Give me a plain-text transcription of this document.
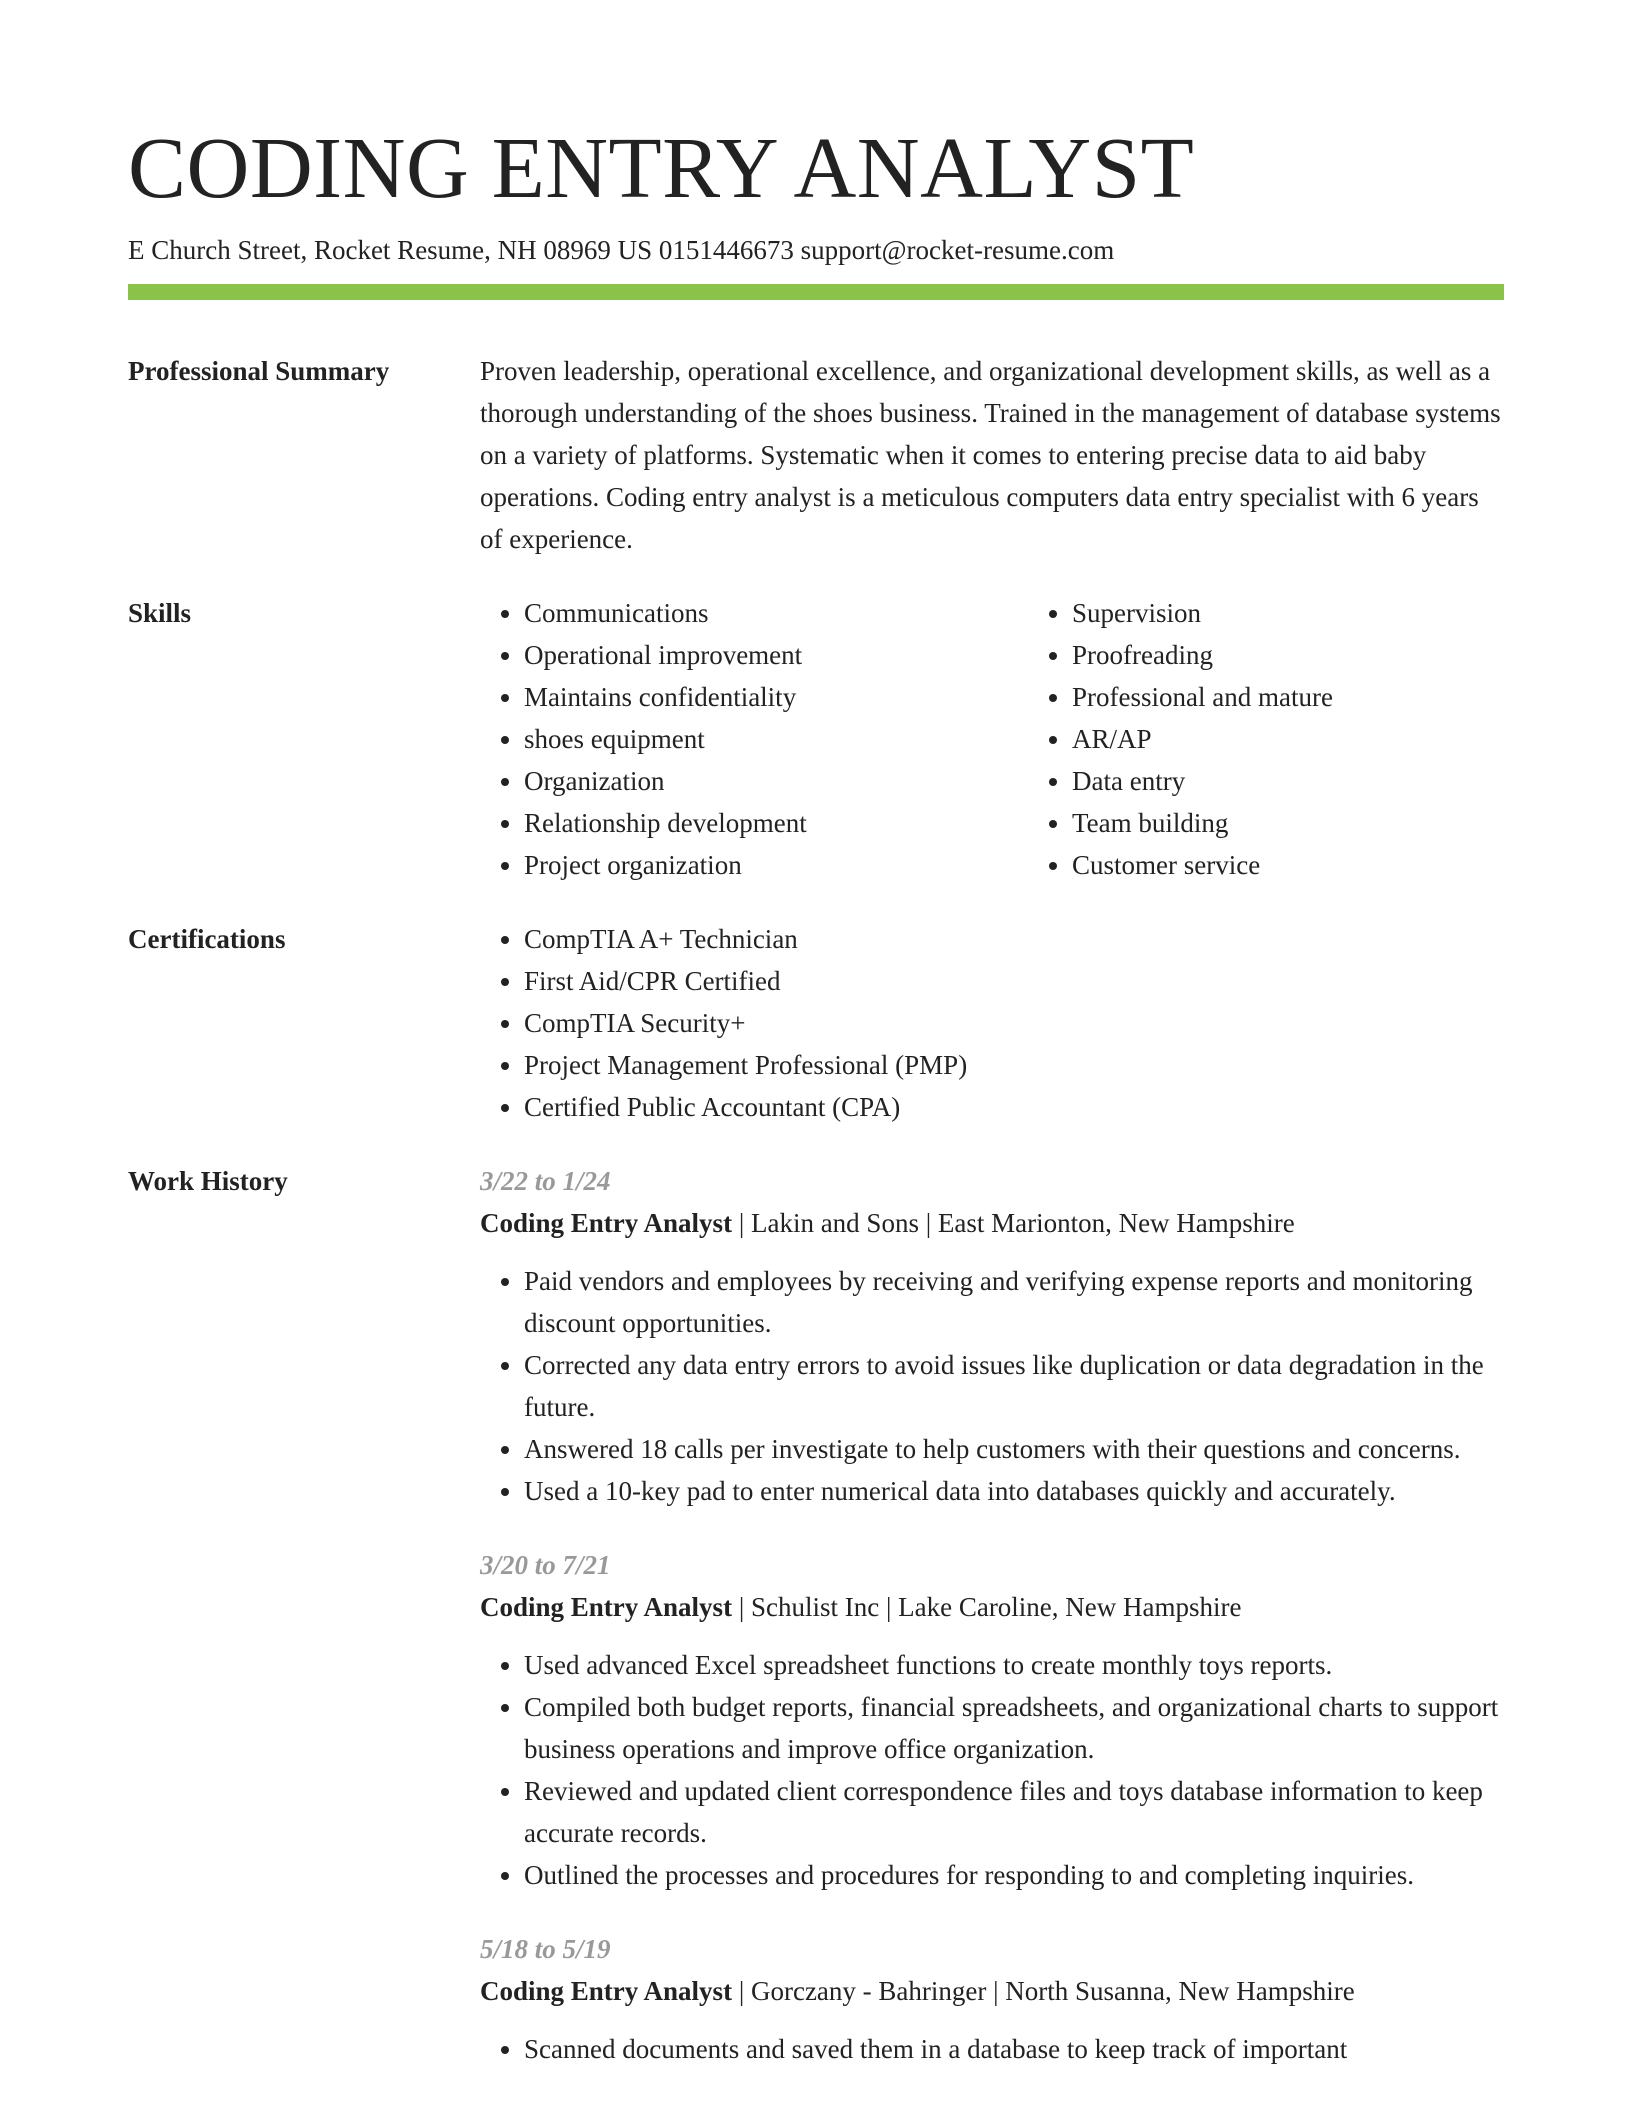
CODING ENTRY ANALYST
E Church Street, Rocket Resume, NH 08969 US 0151446673 support@rocket-resume.com
Professional Summary	Proven leadership, operational excellence, and organizational development skills, as well as a thorough understanding of the shoes business. Trained in the management of database systems on a variety of platforms. Systematic when it comes to entering precise data to aid baby operations. Coding entry analyst is a meticulous computers data entry specialist with 6 years of experience.
Skills	• Communications
• Operational improvement
• Maintains confidentiality
• shoes equipment
• Organization
• Relationship development
• Project organization
• Supervision
• Proofreading
• Professional and mature
• AR/AP
• Data entry
• Team building
• Customer service
Certifications	• CompTIA A+ Technician
• First Aid/CPR Certified
• CompTIA Security+
• Project Management Professional (PMP)
• Certified Public Accountant (CPA)
Work History	3/22 to 1/24
Coding Entry Analyst | Lakin and Sons | East Marionton, New Hampshire
• Paid vendors and employees by receiving and verifying expense reports and monitoring discount opportunities.
• Corrected any data entry errors to avoid issues like duplication or data degradation in the future.
• Answered 18 calls per investigate to help customers with their questions and concerns.
• Used a 10-key pad to enter numerical data into databases quickly and accurately.
3/20 to 7/21
Coding Entry Analyst | Schulist Inc | Lake Caroline, New Hampshire
• Used advanced Excel spreadsheet functions to create monthly toys reports.
• Compiled both budget reports, financial spreadsheets, and organizational charts to support business operations and improve office organization.
• Reviewed and updated client correspondence files and toys database information to keep accurate records.
• Outlined the processes and procedures for responding to and completing inquiries.
5/18 to 5/19
Coding Entry Analyst | Gorczany - Bahringer | North Susanna, New Hampshire
• Scanned documents and saved them in a database to keep track of important
